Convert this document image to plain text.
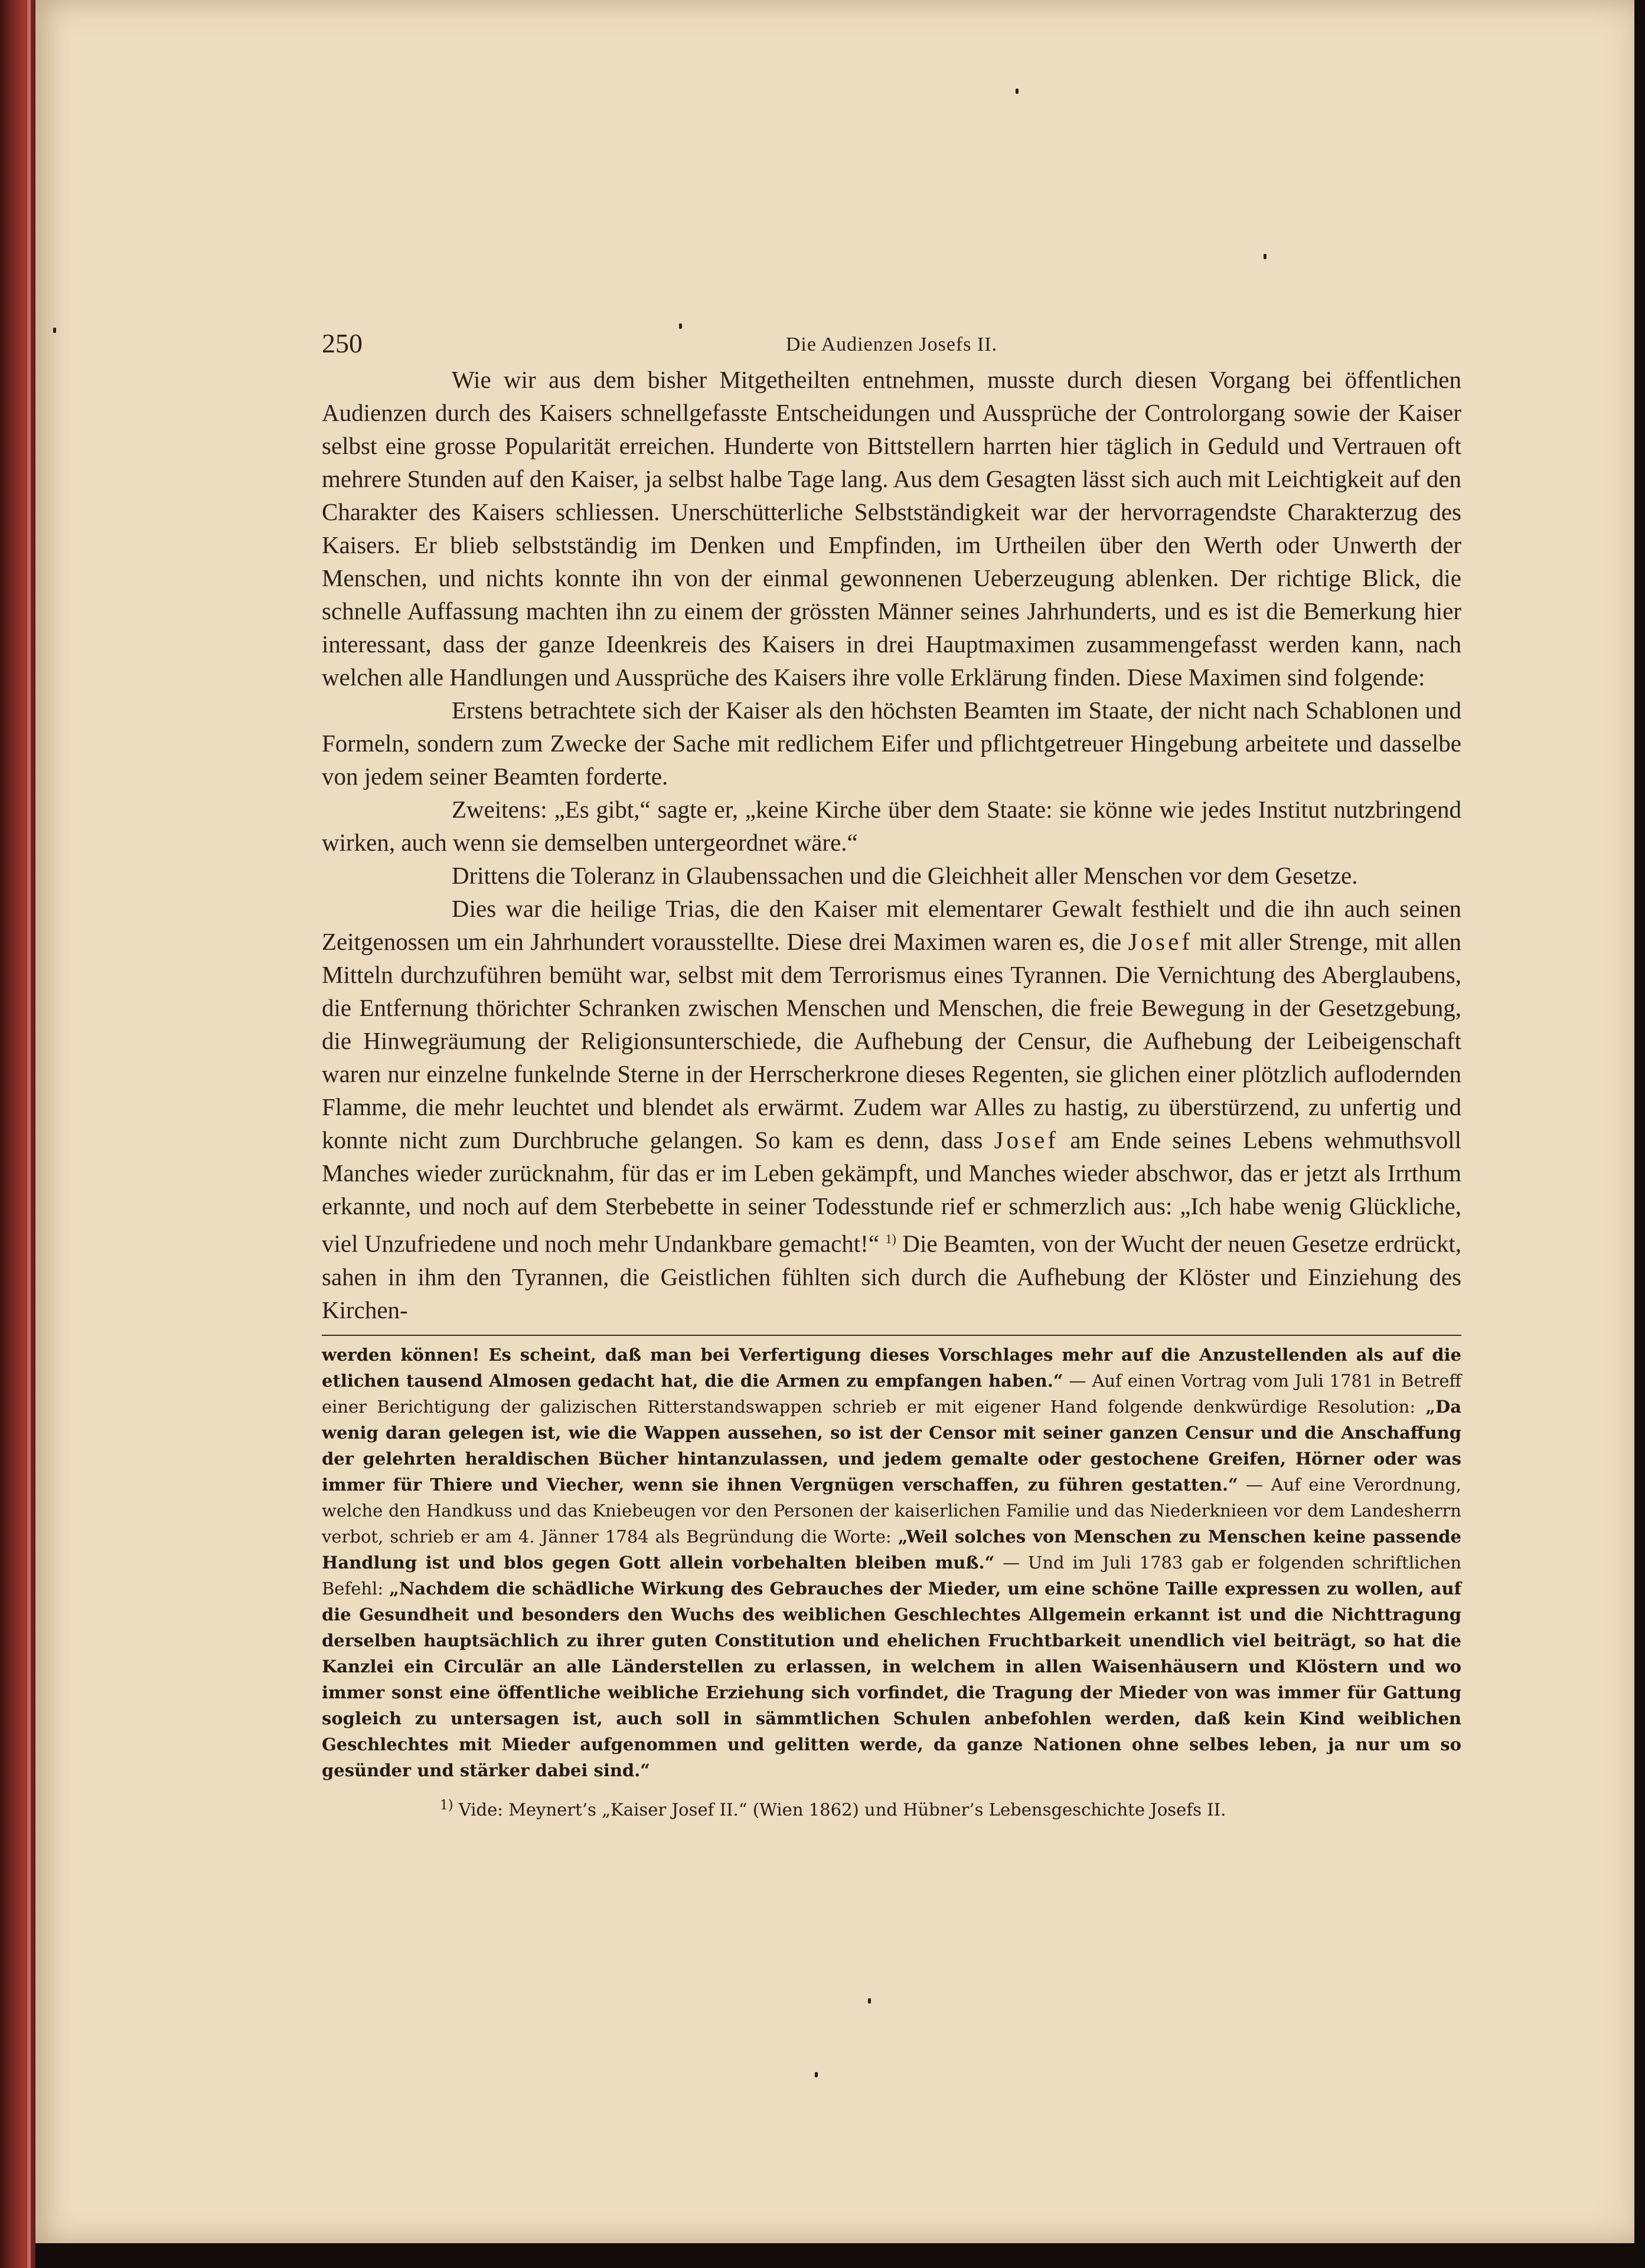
250	Die Audienzen Josefs II.

Wie wir aus dem bisher Mitgetheilten entnehmen, musste durch diesen Vorgang bei öffentlichen Audienzen durch des Kaisers schnellgefasste Entscheidungen und Aussprüche der Controlorgang sowie der Kaiser selbst eine grosse Popularität erreichen. Hunderte von Bittstellern harrten hier täglich in Geduld und Vertrauen oft mehrere Stunden auf den Kaiser, ja selbst halbe Tage lang. Aus dem Gesagten lässt sich auch mit Leichtigkeit auf den Charakter des Kaisers schliessen. Unerschütterliche Selbstständigkeit war der hervorragendste Charakterzug des Kaisers. Er blieb selbstständig im Denken und Empfinden, im Urtheilen über den Werth oder Unwerth der Menschen, und nichts konnte ihn von der einmal gewonnenen Ueberzeugung ablenken. Der richtige Blick, die schnelle Auffassung machten ihn zu einem der grössten Männer seines Jahrhunderts, und es ist die Bemerkung hier interessant, dass der ganze Ideenkreis des Kaisers in drei Hauptmaximen zusammengefasst werden kann, nach welchen alle Handlungen und Aussprüche des Kaisers ihre volle Erklärung finden. Diese Maximen sind folgende:

Erstens betrachtete sich der Kaiser als den höchsten Beamten im Staate, der nicht nach Schablonen und Formeln, sondern zum Zwecke der Sache mit redlichem Eifer und pflichtgetreuer Hingebung arbeitete und dasselbe von jedem seiner Beamten forderte.

Zweitens: „Es gibt,“ sagte er, „keine Kirche über dem Staate: sie könne wie jedes Institut nutzbringend wirken, auch wenn sie demselben untergeordnet wäre.“

Drittens die Toleranz in Glaubenssachen und die Gleichheit aller Menschen vor dem Gesetze.

Dies war die heilige Trias, die den Kaiser mit elementarer Gewalt festhielt und die ihn auch seinen Zeitgenossen um ein Jahrhundert vorausstellte. Diese drei Maximen waren es, die Josef mit aller Strenge, mit allen Mitteln durchzuführen bemüht war, selbst mit dem Terrorismus eines Tyrannen. Die Vernichtung des Aberglaubens, die Entfernung thörichter Schranken zwischen Menschen und Menschen, die freie Bewegung in der Gesetzgebung, die Hinwegräumung der Religionsunterschiede, die Aufhebung der Censur, die Aufhebung der Leibeigenschaft waren nur einzelne funkelnde Sterne in der Herrscherkrone dieses Regenten, sie glichen einer plötzlich auflodernden Flamme, die mehr leuchtet und blendet als erwärmt. Zudem war Alles zu hastig, zu überstürzend, zu unfertig und konnte nicht zum Durchbruche gelangen. So kam es denn, dass Josef am Ende seines Lebens wehmuthsvoll Manches wieder zurücknahm, für das er im Leben gekämpft, und Manches wieder abschwor, das er jetzt als Irrthum erkannte, und noch auf dem Sterbebette in seiner Todesstunde rief er schmerzlich aus: „Ich habe wenig Glückliche, viel Unzufriedene und noch mehr Undankbare gemacht!“ $^{1)}$ Die Beamten, von der Wucht der neuen Gesetze erdrückt, sahen in ihm den Tyrannen, die Geistlichen fühlten sich durch die Aufhebung der Klöster und Einziehung des Kirchen-

werden können! Es scheint, daß man bei Verfertigung dieses Vorschlages mehr auf die Anzustellenden als auf die etlichen tausend Almosen gedacht hat, die die Armen zu empfangen haben.“ — Auf einen Vortrag vom Juli 1781 in Betreff einer Berichtigung der galizischen Ritterstandswappen schrieb er mit eigener Hand folgende denkwürdige Resolution: „Da wenig daran gelegen ist, wie die Wappen aussehen, so ist der Censor mit seiner ganzen Censur und die Anschaffung der gelehrten heraldischen Bücher hintanzulassen, und jedem gemalte oder gestochene Greifen, Hörner oder was immer für Thiere und Viecher, wenn sie ihnen Vergnügen verschaffen, zu führen gestatten.“ — Auf eine Verordnung, welche den Handkuss und das Kniebeugen vor den Personen der kaiserlichen Familie und das Niederknieen vor dem Landesherrn verbot, schrieb er am 4. Jänner 1784 als Begründung die Worte: „Weil solches von Menschen zu Menschen keine passende Handlung ist und blos gegen Gott allein vorbehalten bleiben muß.“ — Und im Juli 1783 gab er folgenden schriftlichen Befehl: „Nachdem die schädliche Wirkung des Gebrauches der Mieder, um eine schöne Taille expressen zu wollen, auf die Gesundheit und besonders den Wuchs des weiblichen Geschlechtes Allgemein erkannt ist und die Nichttragung derselben hauptsächlich zu ihrer guten Constitution und ehelichen Fruchtbarkeit unendlich viel beiträgt, so hat die Kanzlei ein Circulär an alle Länderstellen zu erlassen, in welchem in allen Waisenhäusern und Klöstern und wo immer sonst eine öffentliche weibliche Erziehung sich vorfindet, die Tragung der Mieder von was immer für Gattung sogleich zu untersagen ist, auch soll in sämmtlichen Schulen anbefohlen werden, daß kein Kind weiblichen Geschlechtes mit Mieder aufgenommen und gelitten werde, da ganze Nationen ohne selbes leben, ja nur um so gesünder und stärker dabei sind.“

$^{1)}$ Vide: Meynert’s „Kaiser Josef II.“ (Wien 1862) und Hübner’s Lebensgeschichte Josefs II.
